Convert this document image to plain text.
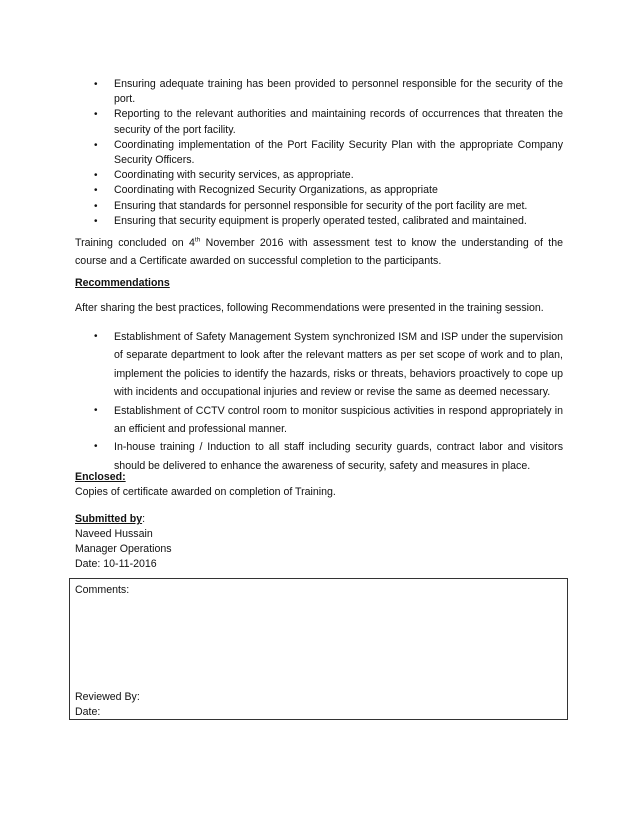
• Ensuring adequate training has been provided to personnel responsible for the security of the port.
• Reporting to the relevant authorities and maintaining records of occurrences that threaten the security of the port facility.
• Coordinating implementation of the Port Facility Security Plan with the appropriate Company Security Officers.
• Coordinating with security services, as appropriate.
• Coordinating with Recognized Security Organizations, as appropriate
• Ensuring that standards for personnel responsible for security of the port facility are met.
• Ensuring that security equipment is properly operated tested, calibrated and maintained.

Training concluded on 4th November 2016 with assessment test to know the understanding of the course and a Certificate awarded on successful completion to the participants.

Recommendations

After sharing the best practices, following Recommendations were presented in the training session.

• Establishment of Safety Management System synchronized ISM and ISP under the supervision of separate department to look after the relevant matters as per set scope of work and to plan, implement the policies to identify the hazards, risks or threats, behaviors proactively to cope up with incidents and occupational injuries and review or revise the same as deemed necessary.
• Establishment of CCTV control room to monitor suspicious activities in respond appropriately in an efficient and professional manner.
• In-house training / Induction to all staff including security guards, contract labor and visitors should be delivered to enhance the awareness of security, safety and measures in place.
Enclosed:
Copies of certificate awarded on completion of Training.
Submitted by:
Naveed Hussain
Manager Operations
Date: 10-11-2016
Comments:
Reviewed By:
Date:
